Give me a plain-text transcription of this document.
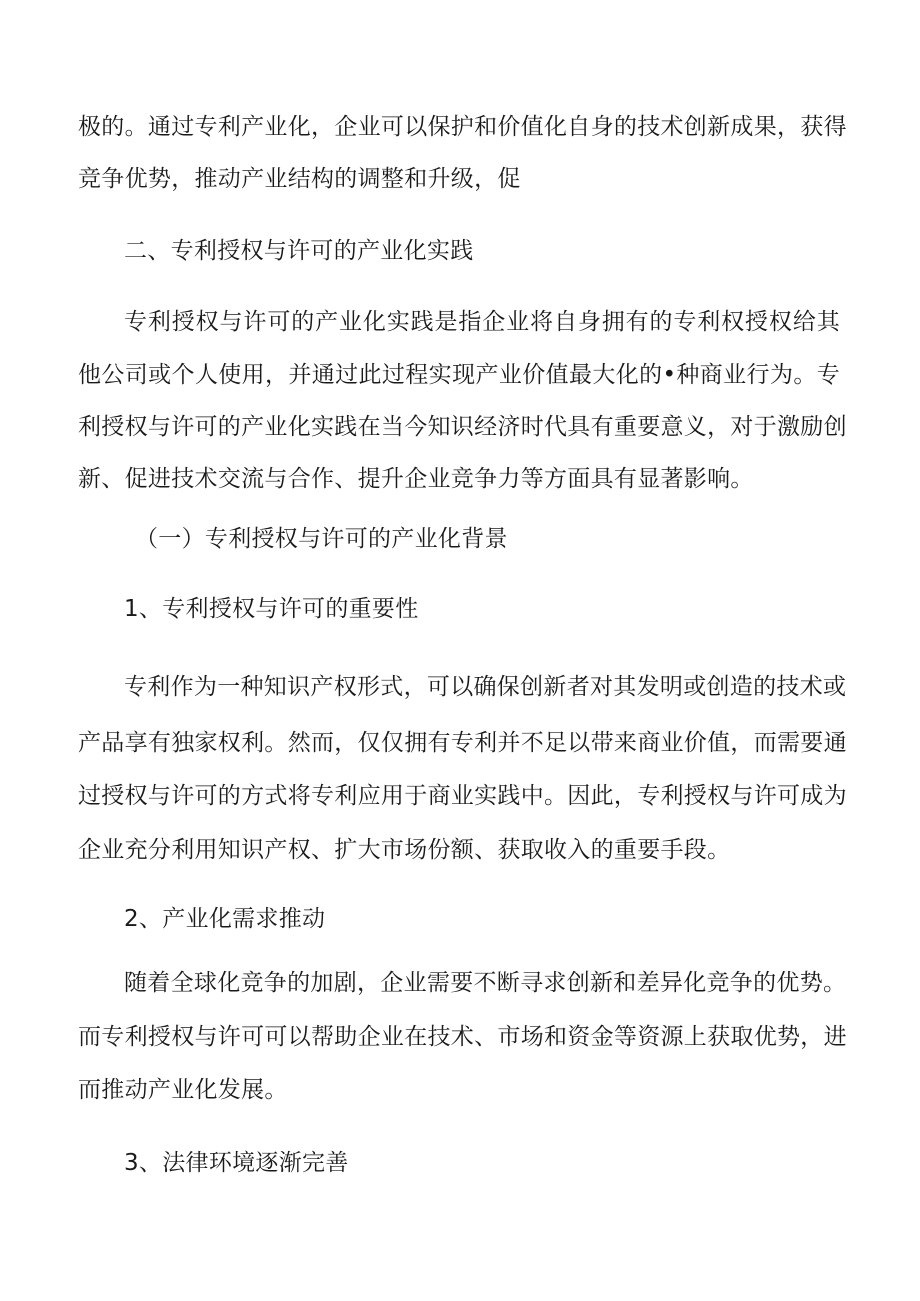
极的。通过专利产业化，企业可以保护和价值化自身的技术创新成果，获得
竞争优势，推动产业结构的调整和升级，促
二、专利授权与许可的产业化实践
专利授权与许可的产业化实践是指企业将自身拥有的专利权授权给其
他公司或个人使用，并通过此过程实现产业价值最大化的•种商业行为。专
利授权与许可的产业化实践在当今知识经济时代具有重要意义，对于激励创
新、促进技术交流与合作、提升企业竞争力等方面具有显著影响。
（一）专利授权与许可的产业化背景
1、专利授权与许可的重要性
专利作为一种知识产权形式，可以确保创新者对其发明或创造的技术或
产品享有独家权利。然而，仅仅拥有专利并不足以带来商业价值，而需要通
过授权与许可的方式将专利应用于商业实践中。因此，专利授权与许可成为
企业充分利用知识产权、扩大市场份额、获取收入的重要手段。
2、产业化需求推动
随着全球化竞争的加剧，企业需要不断寻求创新和差异化竞争的优势。
而专利授权与许可可以帮助企业在技术、市场和资金等资源上获取优势，进
而推动产业化发展。
3、法律环境逐渐完善
